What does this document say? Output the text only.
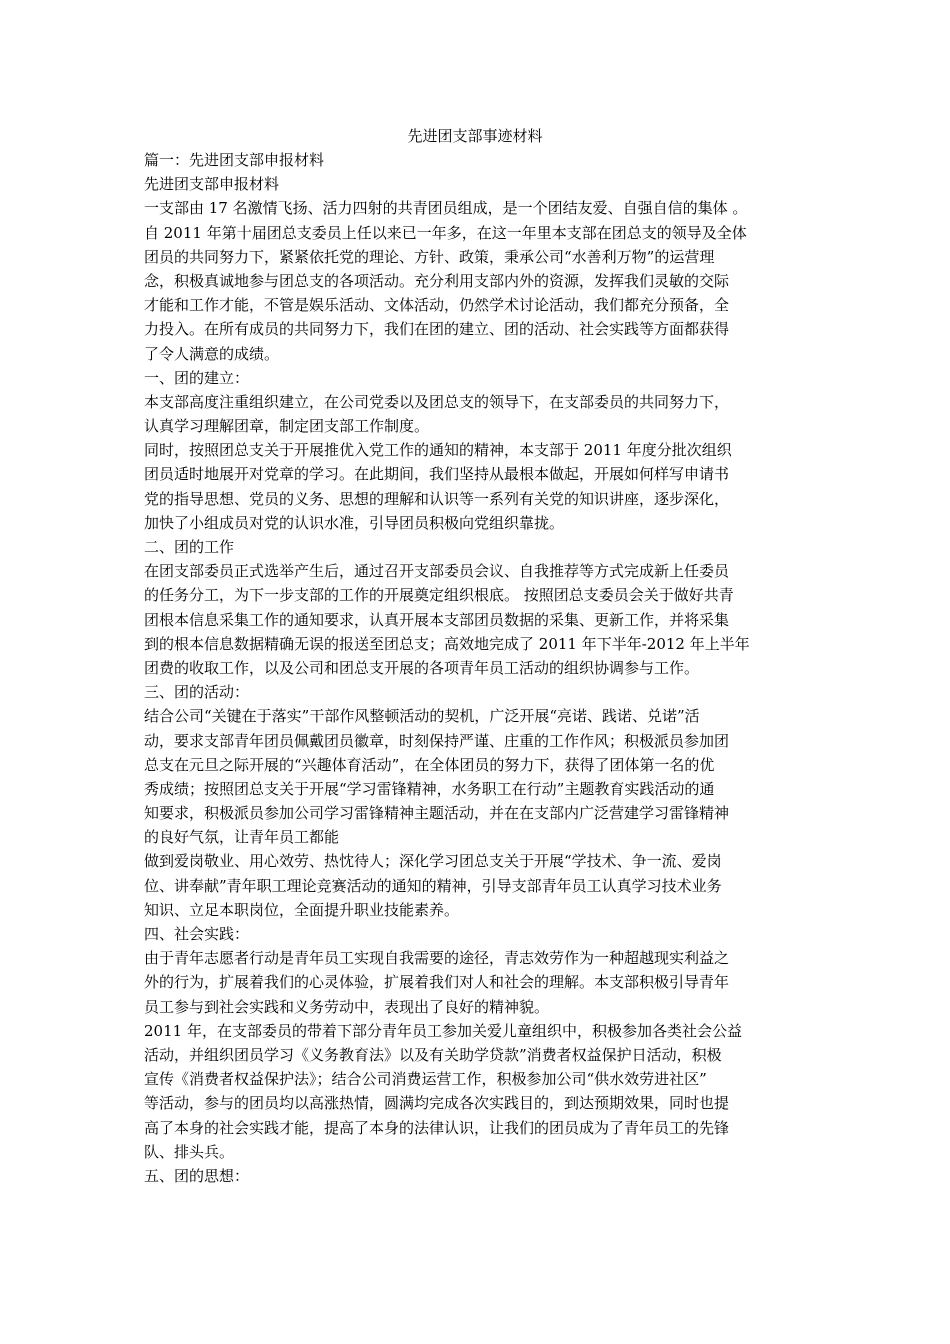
先进团支部事迹材料
篇一：先进团支部申报材料
先进团支部申报材料
一支部由 17 名激情飞扬、活力四射的共青团员组成，是一个团结友爱、自强自信的集体 。
自 2011 年第十届团总支委员上任以来已一年多，在这一年里本支部在团总支的领导及全体
团员的共同努力下，紧紧依托党的理论、方针、政策，秉承公司“水善利万物”的运营理
念，积极真诚地参与团总支的各项活动。充分利用支部内外的资源，发挥我们灵敏的交际
才能和工作才能，不管是娱乐活动、文体活动，仍然学术讨论活动，我们都充分预备，全
力投入。在所有成员的共同努力下，我们在团的建立、团的活动、社会实践等方面都获得
了令人满意的成绩。
一、团的建立：
本支部高度注重组织建立，在公司党委以及团总支的领导下，在支部委员的共同努力下，
认真学习理解团章，制定团支部工作制度。
同时，按照团总支关于开展推优入党工作的通知的精神，本支部于 2011 年度分批次组织
团员适时地展开对党章的学习。在此期间，我们坚持从最根本做起，开展如何样写申请书
党的指导思想、党员的义务、思想的理解和认识等一系列有关党的知识讲座，逐步深化，
加快了小组成员对党的认识水准，引导团员积极向党组织靠拢。
二、团的工作
在团支部委员正式选举产生后，通过召开支部委员会议、自我推荐等方式完成新上任委员
的任务分工，为下一步支部的工作的开展奠定组织根底。 按照团总支委员会关于做好共青
团根本信息采集工作的通知要求，认真开展本支部团员数据的采集、更新工作，并将采集
到的根本信息数据精确无误的报送至团总支；高效地完成了 2011 年下半年-2012 年上半年
团费的收取工作，以及公司和团总支开展的各项青年员工活动的组织协调参与工作。
三、团的活动：
结合公司“关键在于落实”干部作风整顿活动的契机，广泛开展“亮诺、践诺、兑诺”活
动，要求支部青年团员佩戴团员徽章，时刻保持严谨、庄重的工作作风；积极派员参加团
总支在元旦之际开展的“兴趣体育活动”，在全体团员的努力下，获得了团体第一名的优
秀成绩；按照团总支关于开展“学习雷锋精神，水务职工在行动”主题教育实践活动的通
知要求，积极派员参加公司学习雷锋精神主题活动，并在在支部内广泛营建学习雷锋精神
的良好气氛，让青年员工都能
做到爱岗敬业、用心效劳、热忱待人；深化学习团总支关于开展“学技术、争一流、爱岗
位、讲奉献”青年职工理论竞赛活动的通知的精神，引导支部青年员工认真学习技术业务
知识、立足本职岗位，全面提升职业技能素养。
四、社会实践：
由于青年志愿者行动是青年员工实现自我需要的途径，青志效劳作为一种超越现实利益之
外的行为，扩展着我们的心灵体验，扩展着我们对人和社会的理解。本支部积极引导青年
员工参与到社会实践和义务劳动中，表现出了良好的精神貌。
2011 年，在支部委员的带着下部分青年员工参加关爱儿童组织中，积极参加各类社会公益
活动，并组织团员学习《义务教育法》以及有关助学贷款”消费者权益保护日活动，积极
宣传《消费者权益保护法》；结合公司消费运营工作，积极参加公司“供水效劳进社区”
等活动，参与的团员均以高涨热情，圆满均完成各次实践目的，到达预期效果，同时也提
高了本身的社会实践才能，提高了本身的法律认识，让我们的团员成为了青年员工的先锋
队、排头兵。
五、团的思想：
